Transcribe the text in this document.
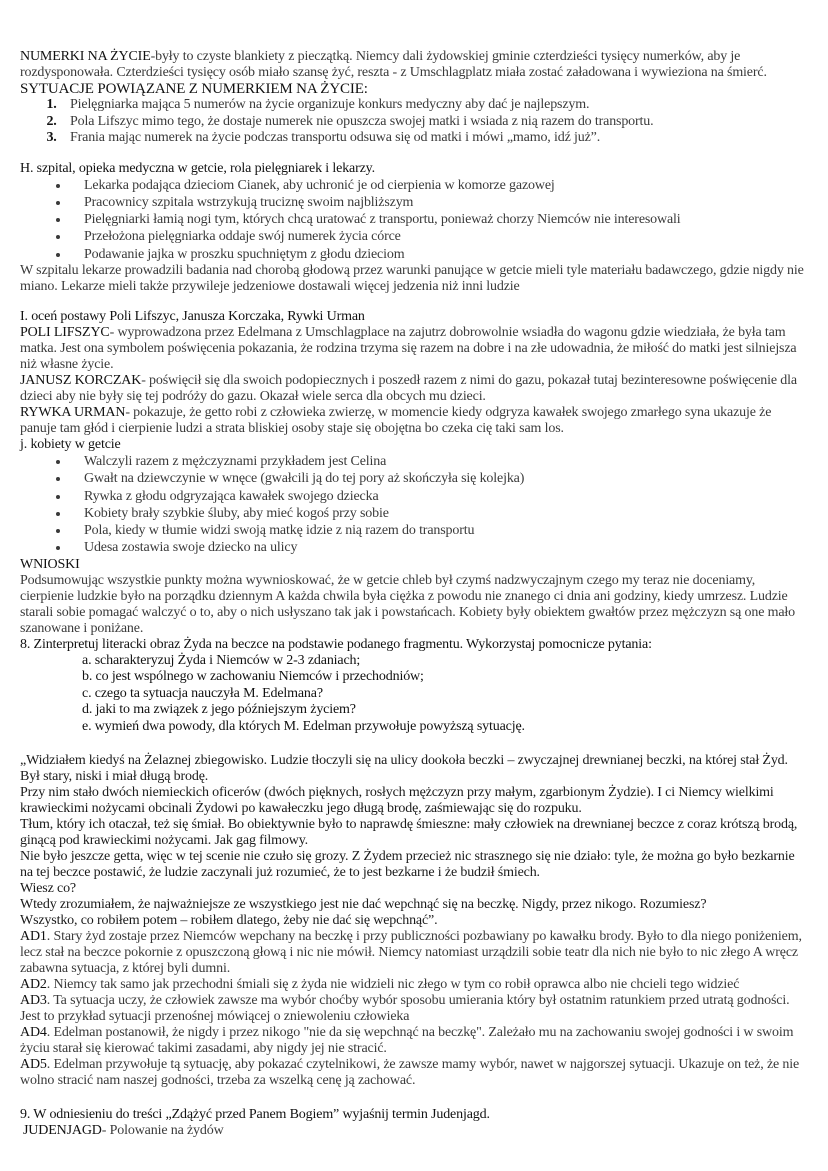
NUMERKI NA ŻYCIE-były to czyste blankiety z pieczątką. Niemcy dali żydowskiej gminie czterdzieści tysięcy numerków, aby je rozdysponowała. Czterdzieści tysięcy osób miało szansę żyć, reszta - z Umschlagplatz miała zostać załadowana i wywieziona na śmierć.

SYTUACJE POWIĄZANE Z NUMERKIEM NA ŻYCIE:

1. Pielęgniarka mająca 5 numerów na życie organizuje konkurs medyczny aby dać je najlepszym.
2. Pola Lifszyc mimo tego, że dostaje numerek nie opuszcza swojej matki i wsiada z nią razem do transportu.
3. Frania mając numerek na życie podczas transportu odsuwa się od matki i mówi „mamo, idź już”.

H. szpital, opieka medyczna w getcie, rola pielęgniarek i lekarzy.

• Lekarka podająca dzieciom Cianek, aby uchronić je od cierpienia w komorze gazowej
• Pracownicy szpitala wstrzykują truciznę swoim najbliższym
• Pielęgniarki łamią nogi tym, których chcą uratować z transportu, ponieważ chorzy Niemców nie interesowali
• Przełożona pielęgniarka oddaje swój numerek życia córce
• Podawanie jajka w proszku spuchniętym z głodu dzieciom

W szpitalu lekarze prowadzili badania nad chorobą głodową przez warunki panujące w getcie mieli tyle materiału badawczego, gdzie nigdy nie miano. Lekarze mieli także przywileje jedzeniowe dostawali więcej jedzenia niż inni ludzie

I. oceń postawy Poli Lifszyc, Janusza Korczaka, Rywki Urman

POLI LIFSZYC- wyprowadzona przez Edelmana z Umschlagplace na zajutrz dobrowolnie wsiadła do wagonu gdzie wiedziała, że była tam matka. Jest ona symbolem poświęcenia pokazania, że rodzina trzyma się razem na dobre i na złe udowadnia, że miłość do matki jest silniejsza niż własne życie.

JANUSZ KORCZAK- poświęcił się dla swoich podopiecznych i poszedł razem z nimi do gazu, pokazał tutaj bezinteresowne poświęcenie dla dzieci aby nie były się tej podróży do gazu. Okazał wiele serca dla obcych mu dzieci.

RYWKA URMAN- pokazuje, że getto robi z człowieka zwierzę, w momencie kiedy odgryza kawałek swojego zmarłego syna ukazuje że panuje tam głód i cierpienie ludzi a strata bliskiej osoby staje się obojętna bo czeka cię taki sam los.

j. kobiety w getcie

• Walczyli razem z mężczyznami przykładem jest Celina
• Gwałt na dziewczynie w wnęce (gwałcili ją do tej pory aż skończyła się kolejka)
• Rywka z głodu odgryzająca kawałek swojego dziecka
• Kobiety brały szybkie śluby, aby mieć kogoś przy sobie
• Pola, kiedy w tłumie widzi swoją matkę idzie z nią razem do transportu
• Udesa zostawia swoje dziecko na ulicy

WNIOSKI

Podsumowując wszystkie punkty można wywnioskować, że w getcie chleb był czymś nadzwyczajnym czego my teraz nie doceniamy, cierpienie ludzkie było na porządku dziennym A każda chwila była ciężka z powodu nie znanego ci dnia ani godziny, kiedy umrzesz. Ludzie starali sobie pomagać walczyć o to, aby o nich usłyszano tak jak i powstańcach. Kobiety były obiektem gwałtów przez mężczyzn są one mało szanowane i poniżane.

8. Zinterpretuj literacki obraz Żyda na beczce na podstawie podanego fragmentu. Wykorzystaj pomocnicze pytania:

a. scharakteryzuj Żyda i Niemców w 2-3 zdaniach;

b. co jest wspólnego w zachowaniu Niemców i przechodniów;

c. czego ta sytuacja nauczyła M. Edelmana?

d. jaki to ma związek z jego późniejszym życiem?

e. wymień dwa powody, dla których M. Edelman przywołuje powyższą sytuację.

„Widziałem kiedyś na Żelaznej zbiegowisko. Ludzie tłoczyli się na ulicy dookoła beczki – zwyczajnej drewnianej beczki, na której stał Żyd. Był stary, niski i miał długą brodę.

Przy nim stało dwóch niemieckich oficerów (dwóch pięknych, rosłych mężczyzn przy małym, zgarbionym Żydzie). I ci Niemcy wielkimi krawieckimi nożycami obcinali Żydowi po kawałeczku jego długą brodę, zaśmiewając się do rozpuku.

Tłum, który ich otaczał, też się śmiał. Bo obiektywnie było to naprawdę śmieszne: mały człowiek na drewnianej beczce z coraz krótszą brodą, ginącą pod krawieckimi nożycami. Jak gag filmowy.

Nie było jeszcze getta, więc w tej scenie nie czuło się grozy. Z Żydem przecież nic strasznego się nie działo: tyle, że można go było bezkarnie na tej beczce postawić, że ludzie zaczynali już rozumieć, że to jest bezkarne i że budził śmiech.

Wiesz co?

Wtedy zrozumiałem, że najważniejsze ze wszystkiego jest nie dać wepchnąć się na beczkę. Nigdy, przez nikogo. Rozumiesz?

Wszystko, co robiłem potem – robiłem dlatego, żeby nie dać się wepchnąć”.

AD1. Stary żyd zostaje przez Niemców wepchany na beczkę i przy publiczności pozbawiany po kawałku brody. Było to dla niego poniżeniem, lecz stał na beczce pokornie z opuszczoną głową i nic nie mówił. Niemcy natomiast urządzili sobie teatr dla nich nie było to nic złego A wręcz zabawna sytuacja, z której byli dumni.

AD2. Niemcy tak samo jak przechodni śmiali się z żyda nie widzieli nic złego w tym co robił oprawca albo nie chcieli tego widzieć

AD3. Ta sytuacja uczy, że człowiek zawsze ma wybór choćby wybór sposobu umierania który był ostatnim ratunkiem przed utratą godności. Jest to przykład sytuacji przenośnej mówiącej o zniewoleniu człowieka

AD4. Edelman postanowił, że nigdy i przez nikogo "nie da się wepchnąć na beczkę". Zależało mu na zachowaniu swojej godności i w swoim życiu starał się kierować takimi zasadami, aby nigdy jej nie stracić.

AD5. Edelman przywołuje tą sytuację, aby pokazać czytelnikowi, że zawsze mamy wybór, nawet w najgorszej sytuacji. Ukazuje on też, że nie wolno stracić nam naszej godności, trzeba za wszelką cenę ją zachować.

9. W odniesieniu do treści „Zdążyć przed Panem Bogiem” wyjaśnij termin Judenjagd.

JUDENJAGD- Polowanie na żydów
